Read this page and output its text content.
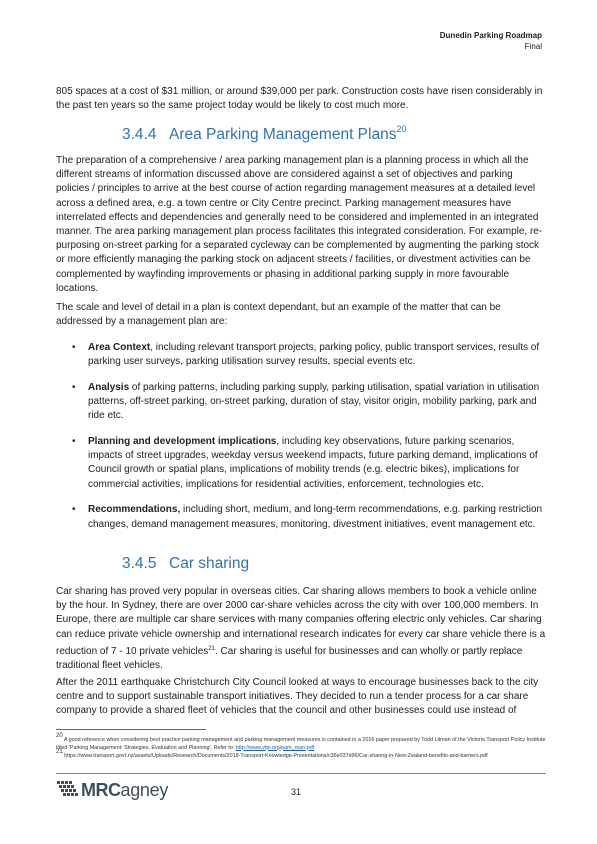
Dunedin Parking Roadmap
Final
805 spaces at a cost of $31 million, or around $39,000 per park. Construction costs have risen considerably in the past ten years so the same project today would be likely to cost much more.
3.4.4 Area Parking Management Plans$^{20}$
The preparation of a comprehensive / area parking management plan is a planning process in which all the different streams of information discussed above are considered against a set of objectives and parking policies / principles to arrive at the best course of action regarding management measures at a detailed level across a defined area, e.g. a town centre or City Centre precinct. Parking management measures have interrelated effects and dependencies and generally need to be considered and implemented in an integrated manner. The area parking management plan process facilitates this integrated consideration. For example, re-purposing on-street parking for a separated cycleway can be complemented by augmenting the parking stock or more efficiently managing the parking stock on adjacent streets / facilities, or divestment activities can be complemented by wayfinding improvements or phasing in additional parking supply in more favourable locations.
The scale and level of detail in a plan is context dependant, but an example of the matter that can be addressed by a management plan are:
• Area Context, including relevant transport projects, parking policy, public transport services, results of parking user surveys, parking utilisation survey results, special events etc.
• Analysis of parking patterns, including parking supply, parking utilisation, spatial variation in utilisation patterns, off-street parking, on-street parking, duration of stay, visitor origin, mobility parking, park and ride etc.
• Planning and development implications, including key observations, future parking scenarios, impacts of street upgrades, weekday versus weekend impacts, future parking demand, implications of Council growth or spatial plans, implications of mobility trends (e.g. electric bikes), implications for commercial activities, implications for residential activities, enforcement, technologies etc.
• Recommendations, including short, medium, and long-term recommendations, e.g. parking restriction changes, demand management measures, monitoring, divestment initiatives, event management etc.
3.4.5 Car sharing
Car sharing has proved very popular in overseas cities. Car sharing allows members to book a vehicle online by the hour. In Sydney, there are over 2000 car-share vehicles across the city with over 100,000 members. In Europe, there are multiple car share services with many companies offering electric only vehicles. Car sharing can reduce private vehicle ownership and international research indicates for every car share vehicle there is a reduction of 7 - 10 private vehicles$^{21}$. Car sharing is useful for businesses and can wholly or partly replace traditional fleet vehicles.
After the 2011 earthquake Christchurch City Council looked at ways to encourage businesses back to the city centre and to support sustainable transport initiatives. They decided to run a tender process for a car share company to provide a shared fleet of vehicles that the council and other businesses could use instead of
$^{20}$ A good reference when considering best practice parking management and parking management measures is contained in a 2016 paper prepared by Todd Litman of the Victoria Transport Policy Institute titled 'Parking Management: Strategies, Evaluation and Planning'. Refer to: http://www.vtpi.org/park_man.pdf
$^{21}$ https://www.transport.govt.nz/assets/Uploads/Research/Documents/2018-Transport-Knowledge-Presentations/c36e037d96/Car-sharing-in-New-Zealand-benefits-and-barriers.pdf
MRC agney	31
